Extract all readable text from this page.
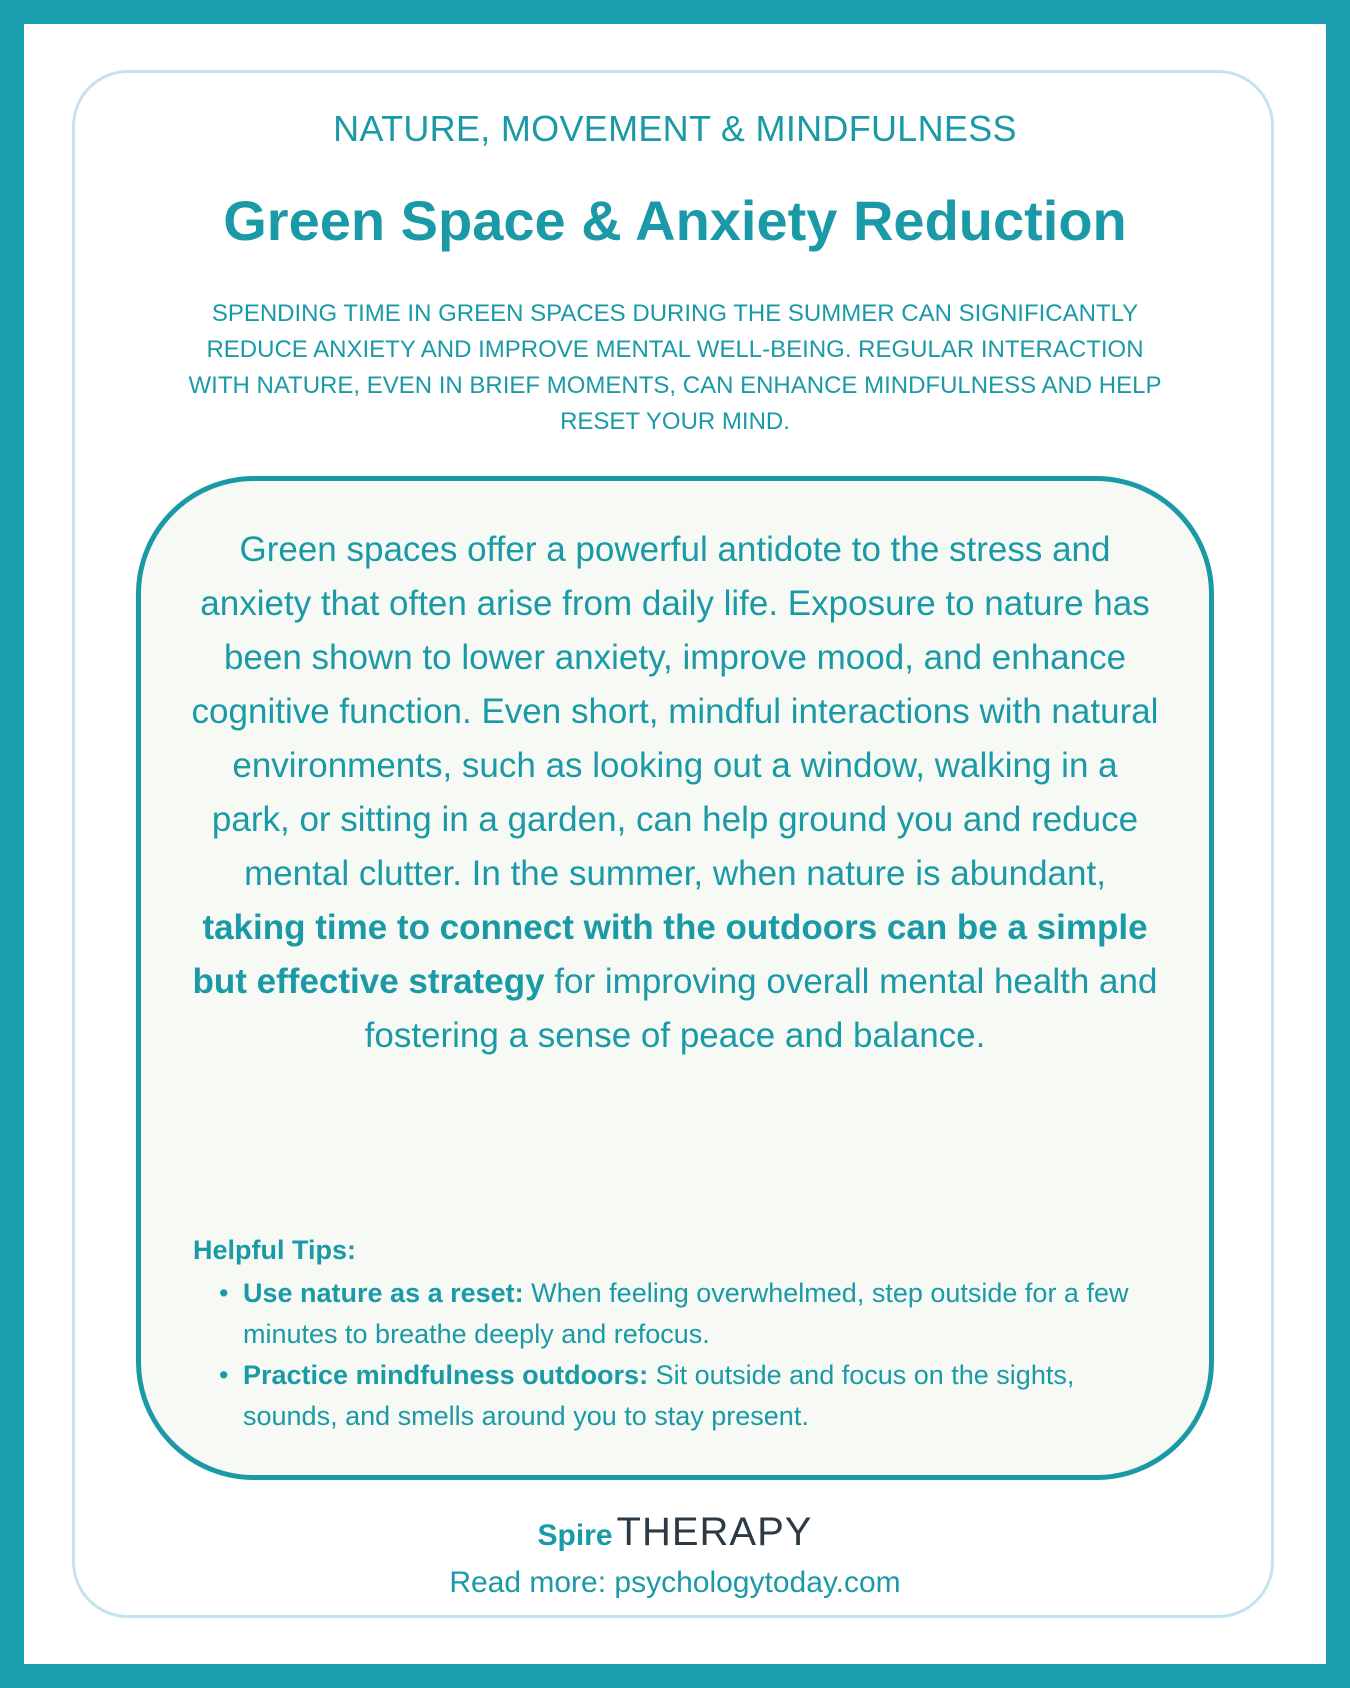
NATURE, MOVEMENT & MINDFULNESS
Green Space & Anxiety Reduction
SPENDING TIME IN GREEN SPACES DURING THE SUMMER CAN SIGNIFICANTLY REDUCE ANXIETY AND IMPROVE MENTAL WELL-BEING. REGULAR INTERACTION WITH NATURE, EVEN IN BRIEF MOMENTS, CAN ENHANCE MINDFULNESS AND HELP RESET YOUR MIND.
Green spaces offer a powerful antidote to the stress and anxiety that often arise from daily life. Exposure to nature has been shown to lower anxiety, improve mood, and enhance cognitive function. Even short, mindful interactions with natural environments, such as looking out a window, walking in a park, or sitting in a garden, can help ground you and reduce mental clutter. In the summer, when nature is abundant, taking time to connect with the outdoors can be a simple but effective strategy for improving overall mental health and fostering a sense of peace and balance.
Helpful Tips:
• Use nature as a reset: When feeling overwhelmed, step outside for a few minutes to breathe deeply and refocus.
• Practice mindfulness outdoors: Sit outside and focus on the sights, sounds, and smells around you to stay present.
Spire THERAPY
Read more: psychologytoday.com
